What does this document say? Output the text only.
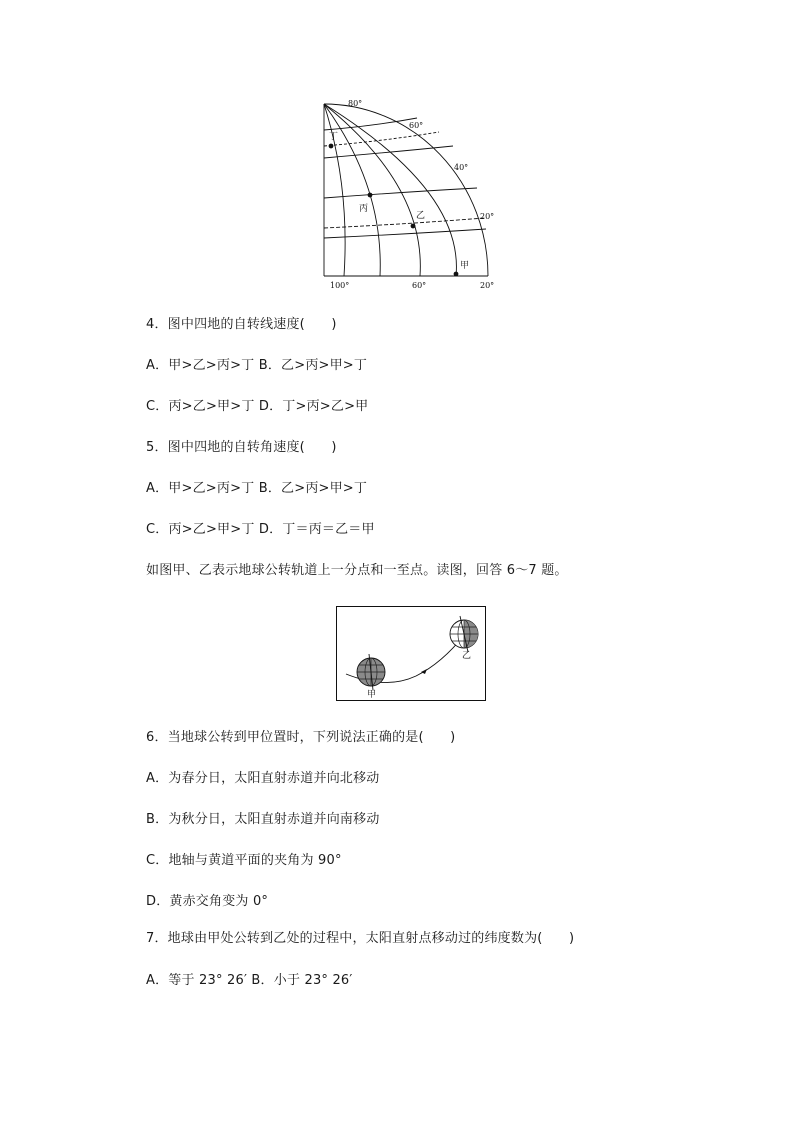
80°
60°
40°
20°
100°	60°	20°
丁
丙
乙
甲
4．图中四地的自转线速度(　　)
A．甲>乙>丙>丁 B．乙>丙>甲>丁
C．丙>乙>甲>丁 D．丁>丙>乙>甲
5．图中四地的自转角速度(　　)
A．甲>乙>丙>丁 B．乙>丙>甲>丁
C．丙>乙>甲>丁 D．丁＝丙＝乙＝甲
如图甲、乙表示地球公转轨道上一分点和一至点。读图，回答 6～7 题。
乙
甲
6．当地球公转到甲位置时，下列说法正确的是(　　)
A．为春分日，太阳直射赤道并向北移动
B．为秋分日，太阳直射赤道并向南移动
C．地轴与黄道平面的夹角为 90°
D．黄赤交角变为 0°
7．地球由甲处公转到乙处的过程中，太阳直射点移动过的纬度数为(　　)
A．等于 23° 26′ B．小于 23° 26′
